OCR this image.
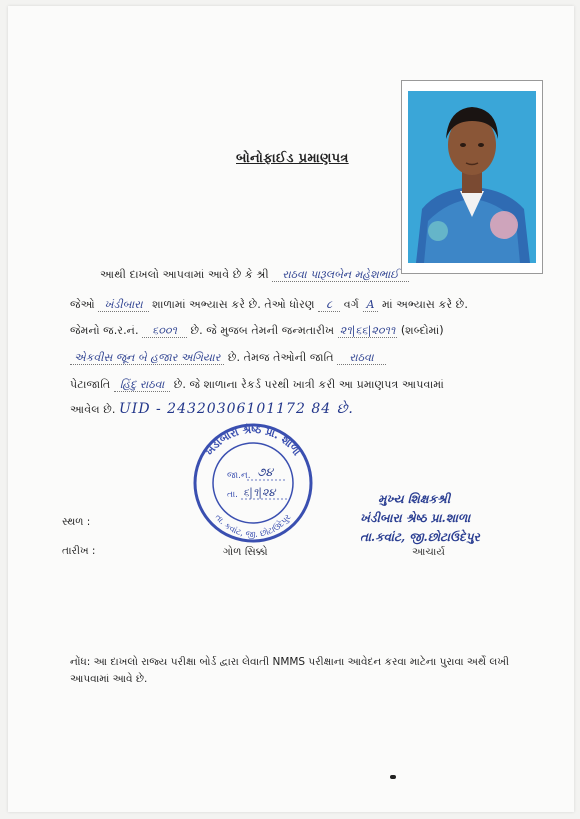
બોનોફાઈડ પ્રમાણપત્ર
આથી દાખલો આપવામાં આવે છે કે શ્રી રાઠવા પારૂલબેન મહેશભાઈ
જેઓ ખંડીબારા શાળામાં અભ્યાસ કરે છે. તેઓ ધોરણ ૮ વર્ગ A માં અભ્યાસ કરે છે.
જેમનો જ.ર.નં. ૬૦૦૧ છે. જે મુજબ તેમની જન્મતારીખ ૨૧|૬૬|૨૦૧૧ (શબ્દોમાં)
એકવીસ જૂન બે હજાર અગિયાર છે. તેમજ તેઓની જાતિ રાઠવા
પેટાજાતિ હિંદુ રાઠવા છે. જે શાળાના રેકર્ડ પરથી ખાત્રી કરી આ પ્રમાણપત્ર આપવામાં
આવેલ છે. UID - 24320306101172 84 છે.
ખંડીબારા શ્રેષ્ઠ પ્રા. શાળા
તા. કવાંટ, જી. છોટાઉદેપુર
જા.ન. ૭૪
તા. ૬|૧|૨૪
સ્થળ :
તારીખ :	ગોળ સિક્કો
મુખ્ય શિક્ષકશ્રી
ખંડીબારા શ્રેષ્ઠ પ્રા.શાળા
તા.કવાંટ, જી.છોટાઉદેપુર
આચાર્ય
નોંધ: આ દાખલો રાજ્ય પરીક્ષા બોર્ડ દ્વારા લેવાતી NMMS પરીક્ષાના આવેદન કરવા માટેના પુરાવા અર્થે લખી આપવામાં આવે છે.
